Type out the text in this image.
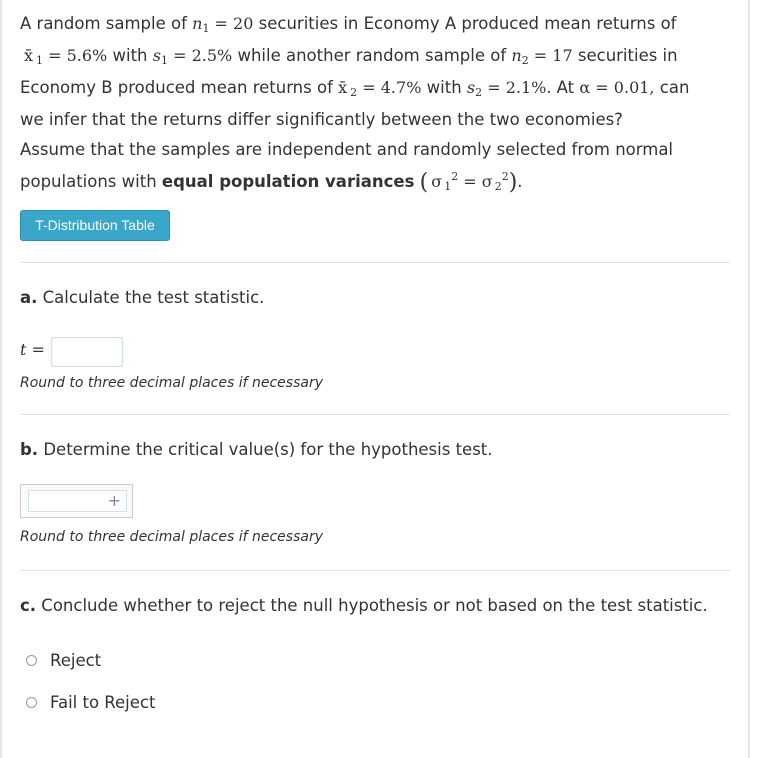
A random sample of $n_1 = 20$ securities in Economy A produced mean returns of

x̄ $_1$ = 5.6% with $s_1 = 2.5\%$ while another random sample of $n_2 = 17$ securities in

Economy B produced mean returns of x̄ $_2$ = 4.7% with $s_2 = 2.1\%$. At α = 0.01, can

we infer that the returns differ significantly between the two economies?

Assume that the samples are independent and randomly selected from normal

populations with equal population variances ( σ $_1^2$ = σ $_2^2$).

T-Distribution Table

a. Calculate the test statistic.

t =
Round to three decimal places if necessary

b. Determine the critical value(s) for the hypothesis test.

+
Round to three decimal places if necessary

c. Conclude whether to reject the null hypothesis or not based on the test statistic.

Reject
Fail to Reject
